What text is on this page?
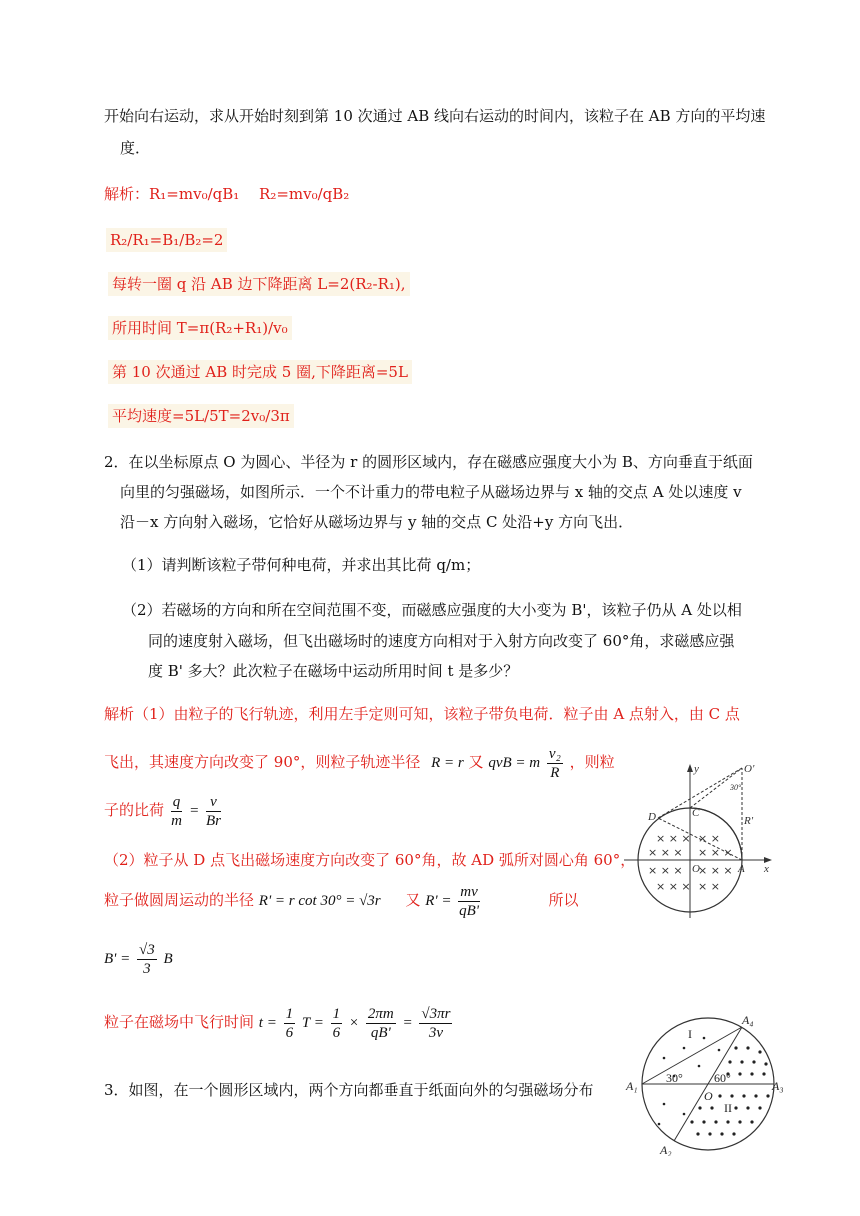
开始向右运动，求从开始时刻到第 10 次通过 AB 线向右运动的时间内，该粒子在 AB 方向的平均速
度．
解析：R₁=mv₀/qB₁　 R₂=mv₀/qB₂
R₂/R₁=B₁/B₂=2
每转一圈 q 沿 AB 边下降距离 L=2(R₂-R₁),
所用时间 T=π(R₂+R₁)/v₀
第 10 次通过 AB 时完成 5 圈,下降距离=5L
平均速度=5L/5T=2v₀/3π
2．在以坐标原点 O 为圆心、半径为 r 的圆形区域内，存在磁感应强度大小为 B、方向垂直于纸面
向里的匀强磁场，如图所示．一个不计重力的带电粒子从磁场边界与 x 轴的交点 A 处以速度 v
沿－x 方向射入磁场，它恰好从磁场边界与 y 轴的交点 C 处沿+y 方向飞出．
（1）请判断该粒子带何种电荷，并求出其比荷 q/m；
（2）若磁场的方向和所在空间范围不变，而磁感应强度的大小变为 B'，该粒子仍从 A 处以相
同的速度射入磁场，但飞出磁场时的速度方向相对于入射方向改变了 60°角，求磁感应强
度 B' 多大？此次粒子在磁场中运动所用时间 t 是多少？
解析（1）由粒子的飞行轨迹，利用左手定则可知，该粒子带负电荷．粒子由 A 点射入，由 C 点
飞出，其速度方向改变了 90°，则粒子轨迹半径 R = r 又 qvB = m $\frac{\text{v₂}}{R}$ ，则粒
子的比荷 $\frac{q}{m} = \frac{v}{Br}$
（2）粒子从 D 点飞出磁场速度方向改变了 60°角，故 AD 弧所对圆心角 60°，
粒子做圆周运动的半径 R' = r cot 30° = √3r 又 $R' = \frac{mv}{qB'}$	所以
$B' = \frac{√3}{3}$ B
粒子在磁场中飞行时间 $t = \frac{1}{6}$ $T = \frac{1}{6} \times \frac{2\pi m}{qB'} = \frac{√3\pi r}{3v}$
3．如图，在一个圆形区域内，两个方向都垂直于纸面向外的匀强磁场分布
× × × × ×
× × × × × ×
× × × × × ×
× × × × ×
y
x
O
O'
D	C
A
R'
30°
A₁
A₂
A₃
A₄
O
I
II
30°	60°
